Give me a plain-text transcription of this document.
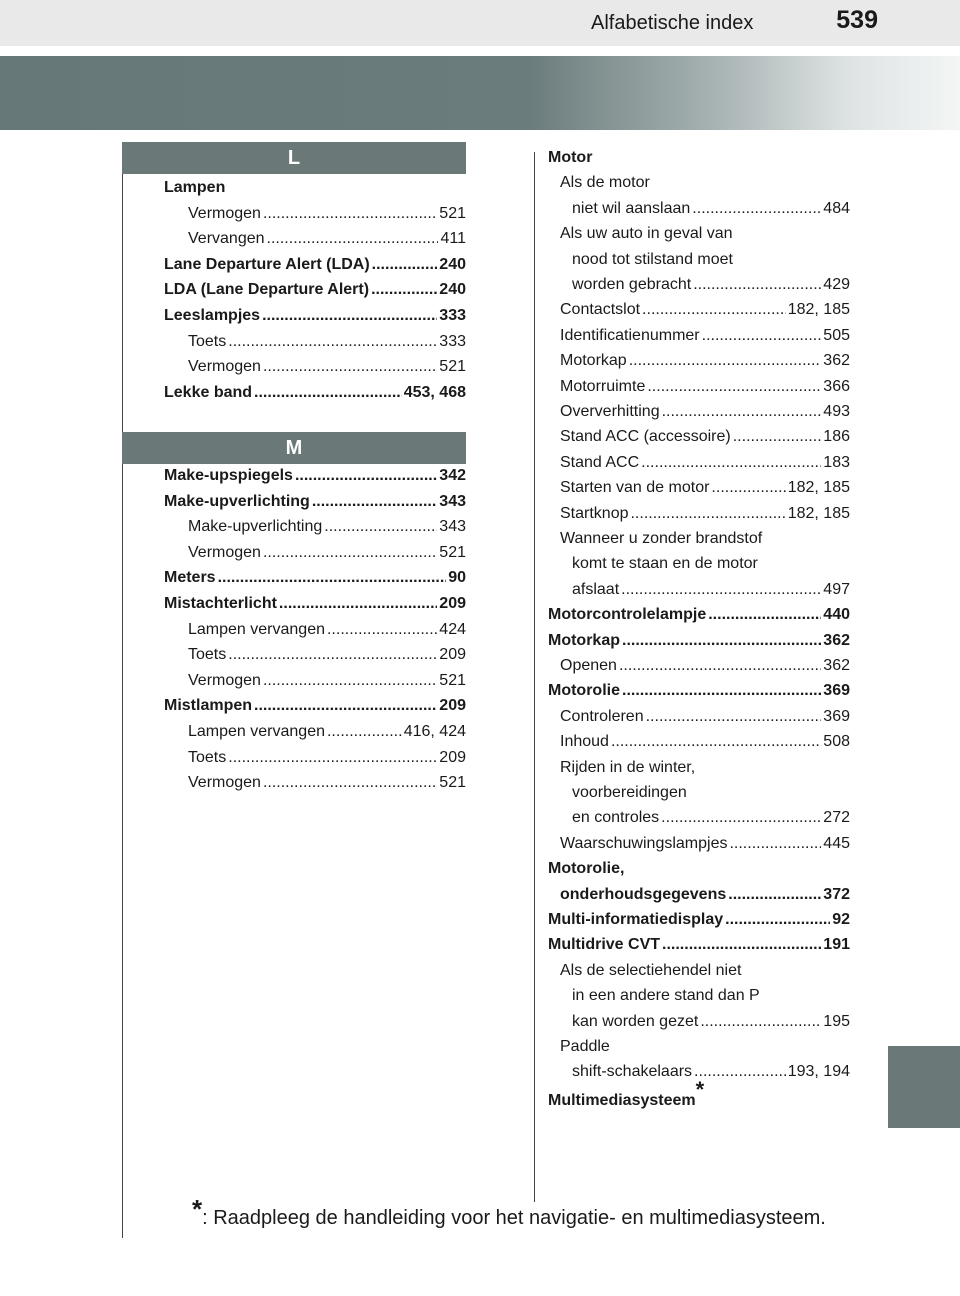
Alfabetische index	539
L
M
Lampen
Vermogen .....	521
Vervangen .....	411
Lane Departure Alert (LDA) .....	240
LDA (Lane Departure Alert) .....	240
Leeslampjes .....	333
Toets .....	333
Vermogen .....	521
Lekke band .....	453, 468
Make-upspiegels .....	342
Make-upverlichting .....	343
Make-upverlichting .....	343
Vermogen .....	521
Meters .....	90
Mistachterlicht .....	209
Lampen vervangen .....	424
Toets .....	209
Vermogen .....	521
Mistlampen .....	209
Lampen vervangen .....	416, 424
Toets .....	209
Vermogen .....	521
Motor
Als de motor
niet wil aanslaan .....	484
Als uw auto in geval van
nood tot stilstand moet
worden gebracht .....	429
Contactslot .....	182, 185
Identificatienummer .....	505
Motorkap .....	362
Motorruimte .....	366
Oververhitting .....	493
Stand ACC (accessoire) .....	186
Stand ACC .....	183
Starten van de motor .....	182, 185
Startknop .....	182, 185
Wanneer u zonder brandstof
komt te staan en de motor
afslaat .....	497
Motorcontrolelampje .....	440
Motorkap .....	362
Openen .....	362
Motorolie .....	369
Controleren .....	369
Inhoud .....	508
Rijden in de winter,
voorbereidingen
en controles .....	272
Waarschuwingslampjes .....	445
Motorolie,
onderhoudsgegevens .....	372
Multi-informatiedisplay .....	92
Multidrive CVT .....	191
Als de selectiehendel niet
in een andere stand dan P
kan worden gezet .....	195
Paddle
shift-schakelaars .....	193, 194
Multimediasysteem *
*: Raadpleeg de handleiding voor het navigatie- en multimediasysteem.
